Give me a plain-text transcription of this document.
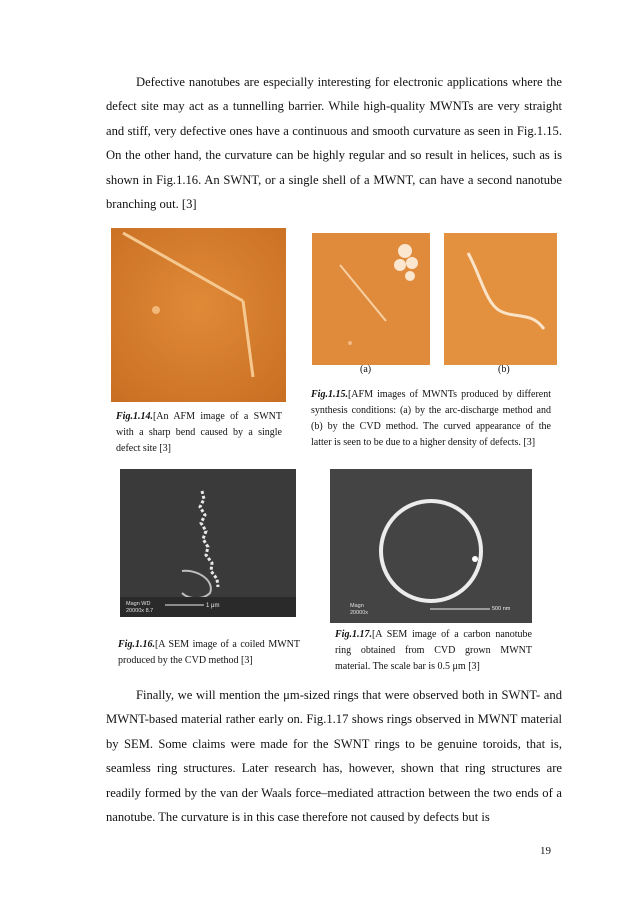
Defective nanotubes are especially interesting for electronic applications where the defect site may act as a tunnelling barrier. While high-quality MWNTs are very straight and stiff, very defective ones have a continuous and smooth curvature as seen in Fig.1.15. On the other hand, the curvature can be highly regular and so result in helices, such as is shown in Fig.1.16. An SWNT, or a single shell of a MWNT, can have a second nanotube branching out. [3]

(a)	(b)

Fig.1.15.[AFM images of MWNTs produced by different synthesis conditions: (a) by the arc-discharge method and (b) by the CVD method. The curved appearance of the latter is seen to be due to a higher density of defects. [3]

Fig.1.14.[An AFM image of a SWNT with a sharp bend caused by a single defect site [3]

Magn WD
20000x 8.7
1 μm	500 nm
Magn
20000x

Fig.1.17.[A SEM image of a carbon nanotube ring obtained from CVD grown MWNT material. The scale bar is 0.5 μm [3]

Fig.1.16.[A SEM image of a coiled MWNT produced by the CVD method [3]

Finally, we will mention the μm-sized rings that were observed both in SWNT- and MWNT-based material rather early on. Fig.1.17 shows rings observed in MWNT material by SEM. Some claims were made for the SWNT rings to be genuine toroids, that is, seamless ring structures. Later research has, however, shown that ring structures are readily formed by the van der Waals force–mediated attraction between the two ends of a nanotube. The curvature is in this case therefore not caused by defects but is

19
